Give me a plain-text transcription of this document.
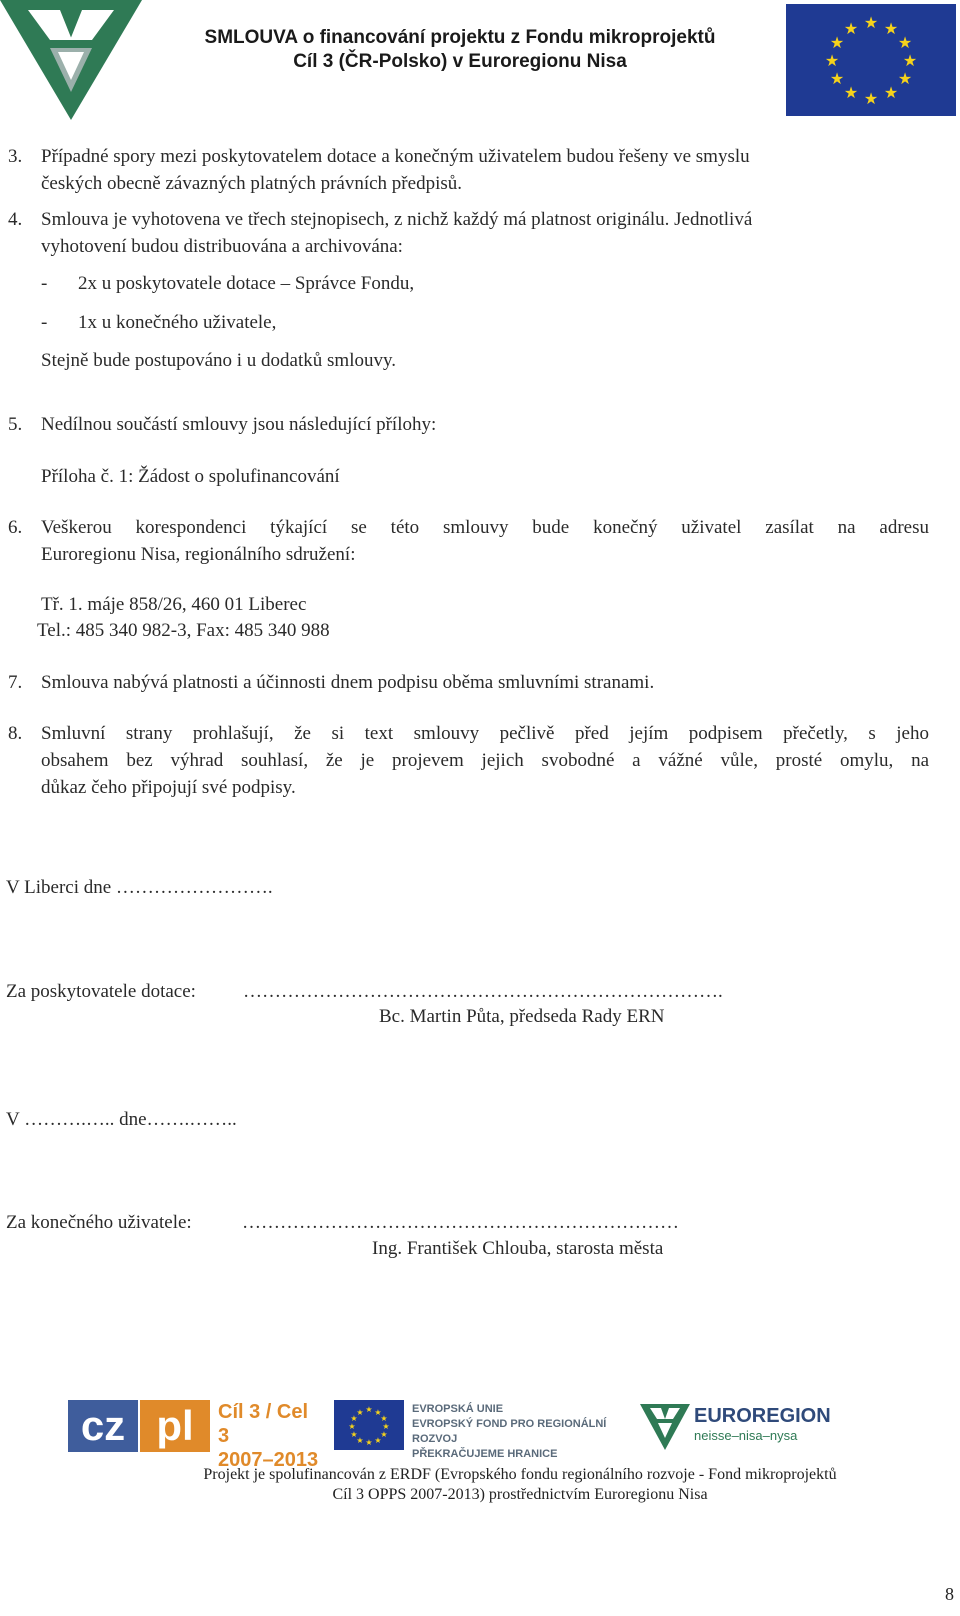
SMLOUVA o financování projektu z Fondu mikroprojektů
Cíl 3 (ČR-Polsko) v Euroregionu Nisa
★ ★
★
★
★
★
★
★
★
★
★
★
3. Případné spory mezi poskytovatelem dotace a konečným uživatelem budou řešeny ve smyslu
českých obecně závazných platných právních předpisů.
4. Smlouva je vyhotovena ve třech stejnopisech, z nichž každý má platnost originálu. Jednotlivá
vyhotovení budou distribuována a archivována:
- 2x u poskytovatele dotace – Správce Fondu,
- 1x u konečného uživatele,
Stejně bude postupováno i u dodatků smlouvy.
5. Nedílnou součástí smlouvy jsou následující přílohy:
Příloha č. 1: Žádost o spolufinancování
6. Veškerou korespondenci týkající se této smlouvy bude konečný uživatel zasílat na adresu
Euroregionu Nisa, regionálního sdružení:
Tř. 1. máje 858/26, 460 01 Liberec
Tel.: 485 340 982-3, Fax: 485 340 988
7. Smlouva nabývá platnosti a účinnosti dnem podpisu oběma smluvními stranami.
8. Smluvní strany prohlašují, že si text smlouvy pečlivě před jejím podpisem přečetly, s jeho
obsahem bez výhrad souhlasí, že je projevem jejich svobodné a vážné vůle, prosté omylu, na
důkaz čeho připojují své podpisy.
V Liberci dne …………………….
Za poskytovatele dotace: ………………………………………………………………….
Bc. Martin Půta, předseda Rady ERN
V ……….….. dne…….……..
Za konečného uživatele:	……………………………………………………………
Ing. František Chlouba, starosta města
cz pl	Cíl 3 / Cel 3
2007–2013
★ ★
★
★
★
★
★
★
★
★
★
★	EVROPSKÁ UNIE
EVROPSKÝ FOND PRO REGIONÁLNÍ ROZVOJ
PŘEKRAČUJEME HRANICE
EUROREGION
neisse–nisa–nysa
Projekt je spolufinancován z ERDF (Evropského fondu regionálního rozvoje - Fond mikroprojektů
Cíl 3 OPPS 2007-2013) prostřednictvím Euroregionu Nisa
8
